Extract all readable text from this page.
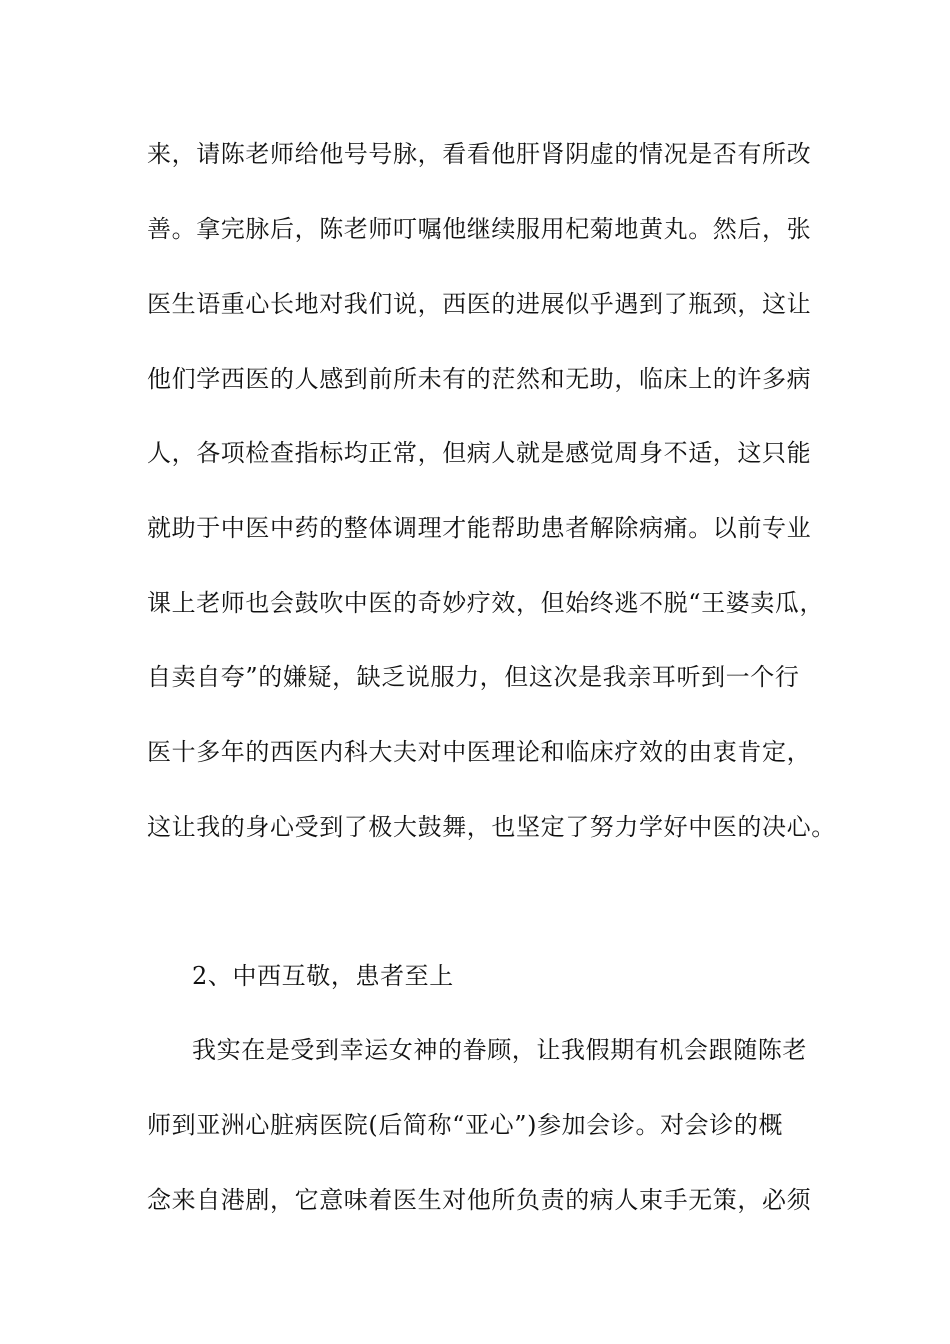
来，请陈老师给他号号脉，看看他肝肾阴虚的情况是否有所改
善。拿完脉后，陈老师叮嘱他继续服用杞菊地黄丸。然后，张
医生语重心长地对我们说，西医的进展似乎遇到了瓶颈，这让
他们学西医的人感到前所未有的茫然和无助，临床上的许多病
人，各项检查指标均正常，但病人就是感觉周身不适，这只能
就助于中医中药的整体调理才能帮助患者解除病痛。以前专业
课上老师也会鼓吹中医的奇妙疗效，但始终逃不脱“王婆卖瓜，
自卖自夸”的嫌疑，缺乏说服力，但这次是我亲耳听到一个行
医十多年的西医内科大夫对中医理论和临床疗效的由衷肯定，
这让我的身心受到了极大鼓舞，也坚定了努力学好中医的决心。
2、中西互敬，患者至上
我实在是受到幸运女神的眷顾，让我假期有机会跟随陈老
师到亚洲心脏病医院(后简称“亚心”)参加会诊。对会诊的概
念来自港剧，它意味着医生对他所负责的病人束手无策，必须
